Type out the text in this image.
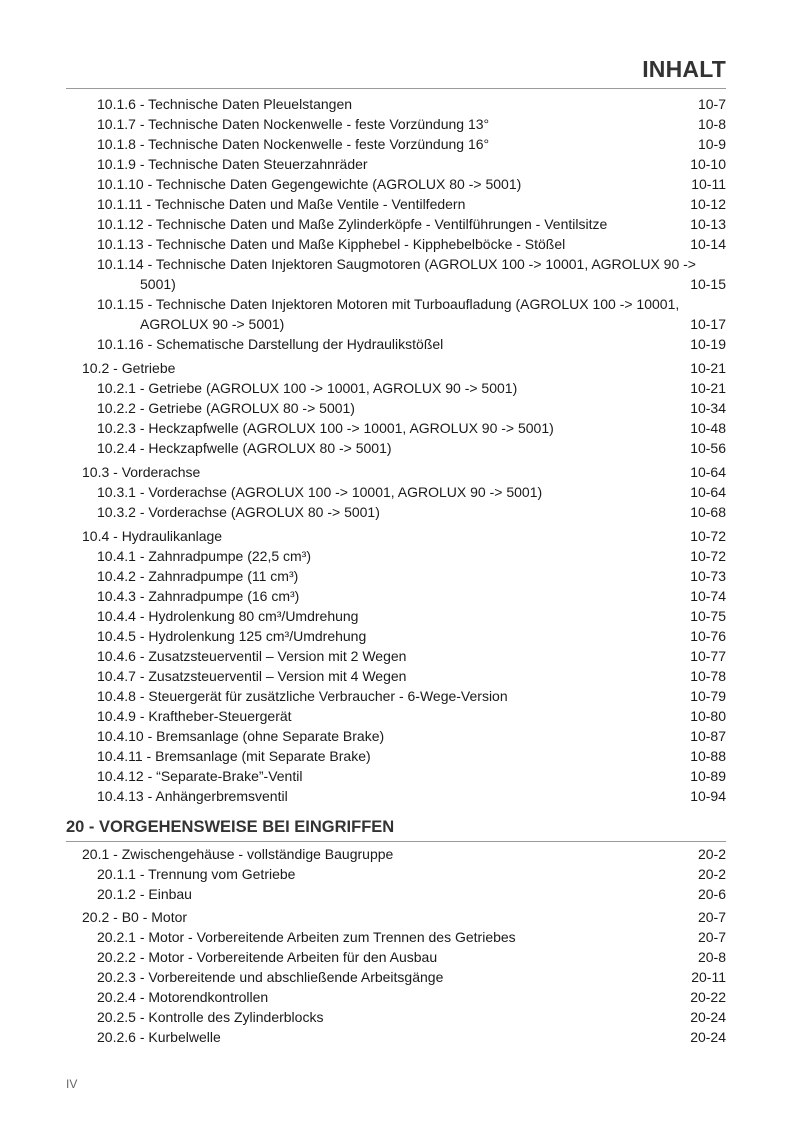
INHALT
10.1.6 - Technische Daten Pleuelstangen	10-7
10.1.7 - Technische Daten Nockenwelle - feste Vorzündung 13°	10-8
10.1.8 - Technische Daten Nockenwelle - feste Vorzündung 16°	10-9
10.1.9 - Technische Daten Steuerzahnräder	10-10
10.1.10 - Technische Daten Gegengewichte (AGROLUX 80 -> 5001)	10-11
10.1.11 - Technische Daten und Maße Ventile - Ventilfedern	10-12
10.1.12 - Technische Daten und Maße Zylinderköpfe - Ventilführungen - Ventilsitze	10-13
10.1.13 - Technische Daten und Maße Kipphebel - Kipphebelböcke - Stößel	10-14
10.1.14 - Technische Daten Injektoren Saugmotoren (AGROLUX 100 -> 10001, AGROLUX 90 ->
5001)	10-15
10.1.15 - Technische Daten Injektoren Motoren mit Turboaufladung (AGROLUX 100 -> 10001,
AGROLUX 90 -> 5001)	10-17
10.1.16 - Schematische Darstellung der Hydraulikstößel	10-19
10.2 - Getriebe	10-21
10.2.1 - Getriebe (AGROLUX 100 -> 10001, AGROLUX 90 -> 5001)	10-21
10.2.2 - Getriebe (AGROLUX 80 -> 5001)	10-34
10.2.3 - Heckzapfwelle (AGROLUX 100 -> 10001, AGROLUX 90 -> 5001)	10-48
10.2.4 - Heckzapfwelle (AGROLUX 80 -> 5001)	10-56
10.3 - Vorderachse	10-64
10.3.1 - Vorderachse (AGROLUX 100 -> 10001, AGROLUX 90 -> 5001)	10-64
10.3.2 - Vorderachse (AGROLUX 80 -> 5001)	10-68
10.4 - Hydraulikanlage	10-72
10.4.1 - Zahnradpumpe (22,5 cm³)	10-72
10.4.2 - Zahnradpumpe (11 cm³)	10-73
10.4.3 - Zahnradpumpe (16 cm³)	10-74
10.4.4 - Hydrolenkung 80 cm³/Umdrehung	10-75
10.4.5 - Hydrolenkung 125 cm³/Umdrehung	10-76
10.4.6 - Zusatzsteuerventil – Version mit 2 Wegen	10-77
10.4.7 - Zusatzsteuerventil – Version mit 4 Wegen	10-78
10.4.8 - Steuergerät für zusätzliche Verbraucher - 6-Wege-Version	10-79
10.4.9 - Kraftheber-Steuergerät	10-80
10.4.10 - Bremsanlage (ohne Separate Brake)	10-87
10.4.11 - Bremsanlage (mit Separate Brake)	10-88
10.4.12 - “Separate-Brake”-Ventil	10-89
10.4.13 - Anhängerbremsventil	10-94
20 - VORGEHENSWEISE BEI EINGRIFFEN
20.1 - Zwischengehäuse - vollständige Baugruppe	20-2
20.1.1 - Trennung vom Getriebe	20-2
20.1.2 - Einbau	20-6
20.2 - B0 - Motor	20-7
20.2.1 - Motor - Vorbereitende Arbeiten zum Trennen des Getriebes	20-7
20.2.2 - Motor - Vorbereitende Arbeiten für den Ausbau	20-8
20.2.3 - Vorbereitende und abschließende Arbeitsgänge	20-11
20.2.4 - Motorendkontrollen	20-22
20.2.5 - Kontrolle des Zylinderblocks	20-24
20.2.6 - Kurbelwelle	20-24
IV
